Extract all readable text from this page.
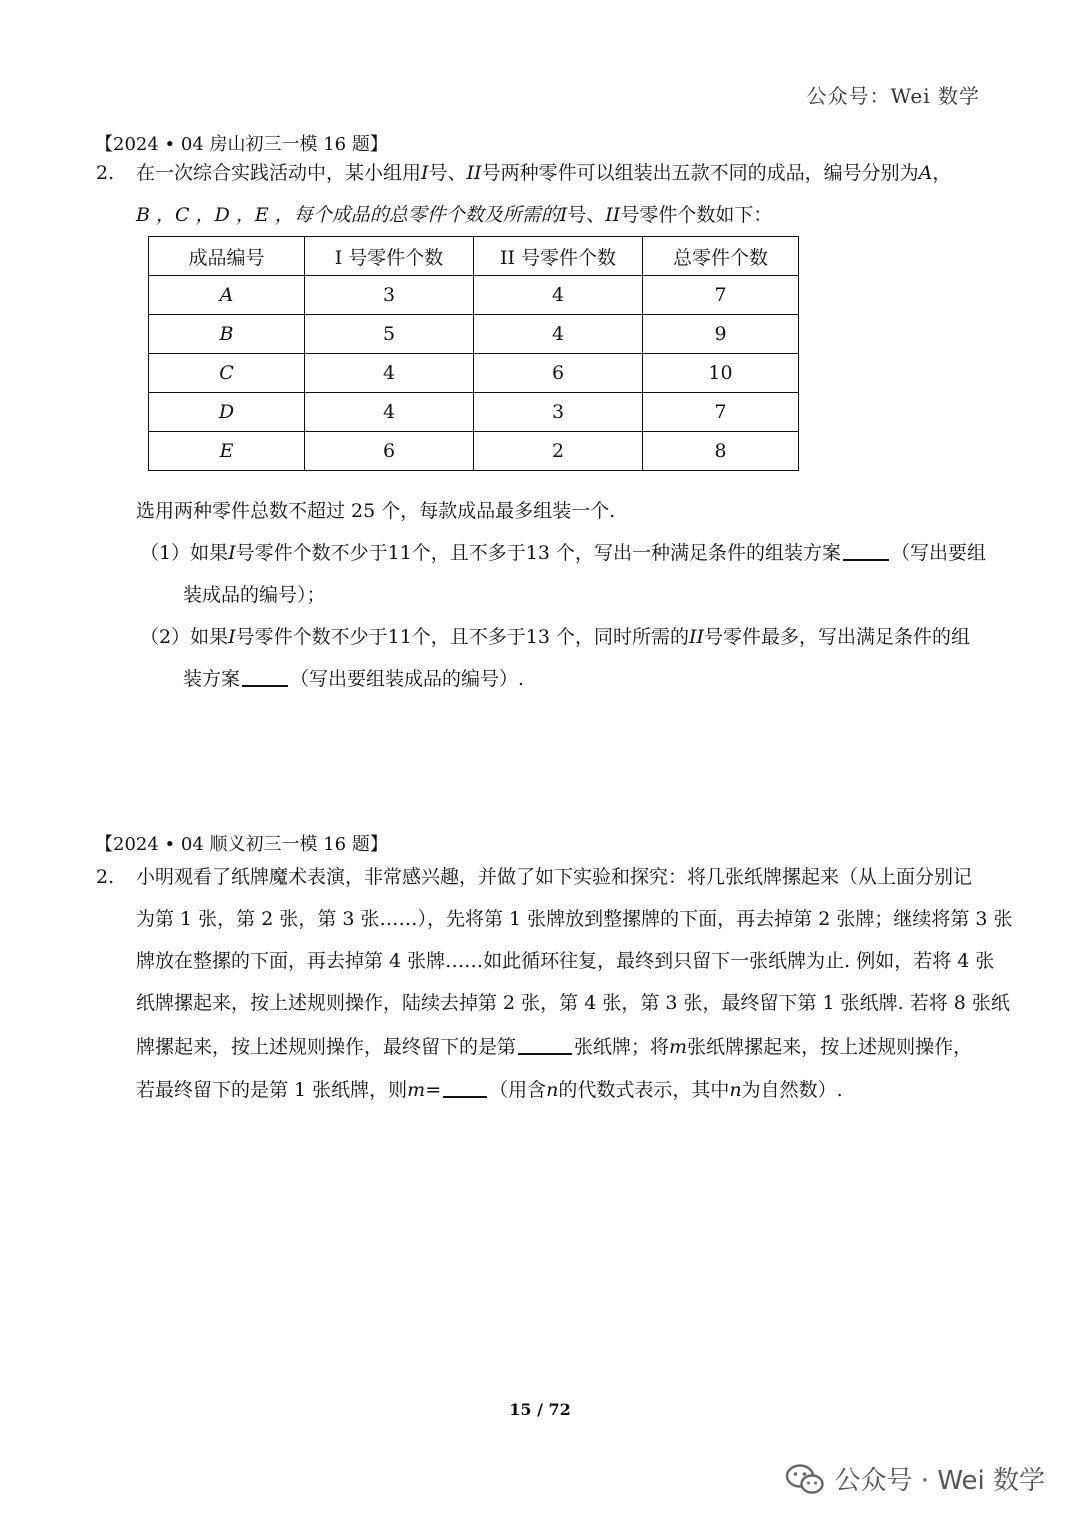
公众号：Wei 数学

【2024 • 04 房山初三一模 16 题】

2. 在一次综合实践活动中，某小组用I号、II号两种零件可以组装出五款不同的成品，编号分别为A，

B ，C ，D ，E ，每个成品的总零件个数及所需的I号、II号零件个数如下：

成品编号	I 号零件个数	II 号零件个数	总零件个数
A	3	4	7
B	5	4	9
C	4	6	10
D	4	3	7
E	6	2	8

选用两种零件总数不超过 25 个，每款成品最多组装一个.

（1）如果I号零件个数不少于11个，且不多于13 个，写出一种满足条件的组装方案	（写出要组

装成品的编号）；

（2）如果I号零件个数不少于11个，且不多于13 个，同时所需的II号零件最多，写出满足条件的组

装方案	（写出要组装成品的编号）.

【2024 • 04 顺义初三一模 16 题】

2. 小明观看了纸牌魔术表演，非常感兴趣，并做了如下实验和探究：将几张纸牌摞起来（从上面分别记

为第 1 张，第 2 张，第 3 张……），先将第 1 张牌放到整摞牌的下面，再去掉第 2 张牌；继续将第 3 张

牌放在整摞的下面，再去掉第 4 张牌……如此循环往复，最终到只留下一张纸牌为止. 例如，若将 4 张

纸牌摞起来，按上述规则操作，陆续去掉第 2 张，第 4 张，第 3 张，最终留下第 1 张纸牌. 若将 8 张纸

牌摞起来，按上述规则操作，最终留下的是第	张纸牌；将m张纸牌摞起来，按上述规则操作，

若最终留下的是第 1 张纸牌，则m=	（用含n的代数式表示，其中n为自然数）.

15 / 72
公众号 · Wei 数学
